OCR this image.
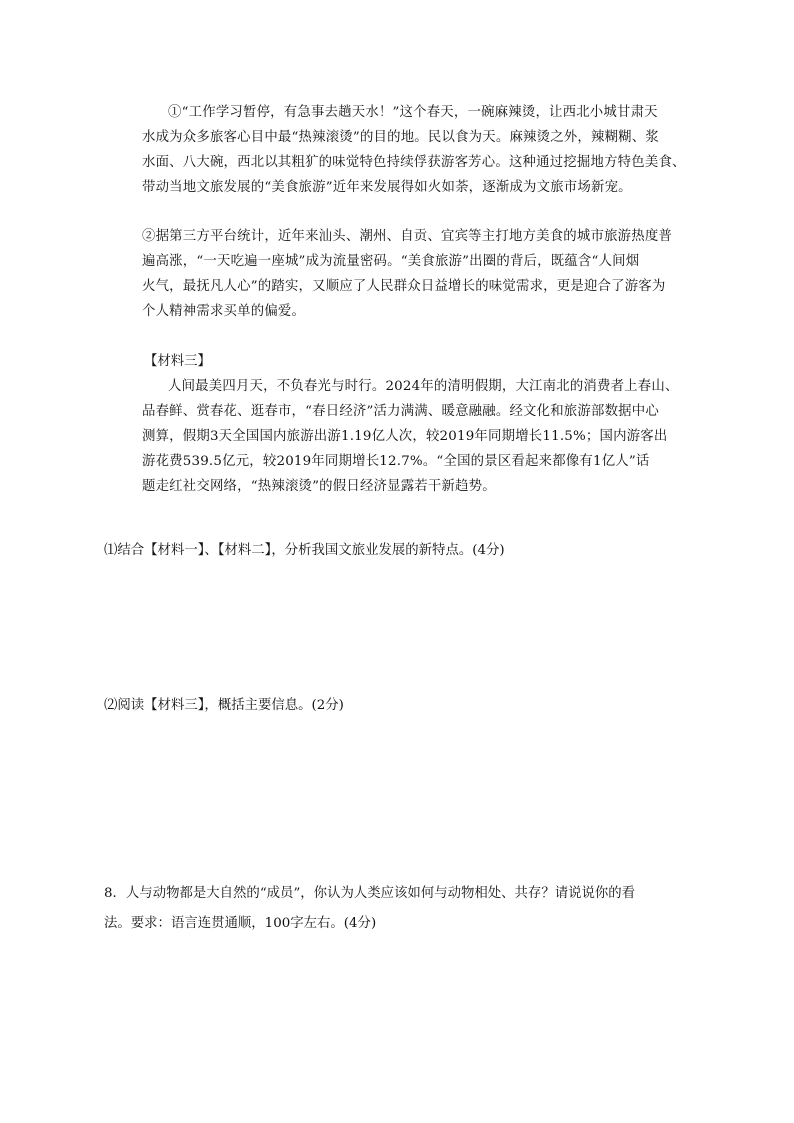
①“工作学习暂停，有急事去趟天水！”这个春天，一碗麻辣烫，让西北小城甘肃天
水成为众多旅客心目中最“热辣滚烫”的目的地。民以食为天。麻辣烫之外，辣糊糊、浆
水面、八大碗，西北以其粗犷的味觉特色持续俘获游客芳心。这种通过挖掘地方特色美食、
带动当地文旅发展的“美食旅游”近年来发展得如火如荼，逐渐成为文旅市场新宠。
②据第三方平台统计，近年来汕头、潮州、自贡、宜宾等主打地方美食的城市旅游热度普
遍高涨，“一天吃遍一座城”成为流量密码。“美食旅游”出圈的背后，既蕴含“人间烟
火气，最抚凡人心”的踏实，又顺应了人民群众日益增长的味觉需求，更是迎合了游客为
个人精神需求买单的偏爱。
【材料三】
人间最美四月天，不负春光与时行。2024年的清明假期，大江南北的消费者上春山、
品春鲜、赏春花、逛春市，“春日经济”活力满满、暖意融融。经文化和旅游部数据中心
测算，假期3天全国国内旅游出游1.19亿人次，较2019年同期增长11.5%；国内游客出
游花费539.5亿元，较2019年同期增长12.7%。“全国的景区看起来都像有1亿人”话
题走红社交网络，“热辣滚烫”的假日经济显露若干新趋势。
⑴结合【材料一】、【材料二】，分析我国文旅业发展的新特点。(4分)
⑵阅读【材料三】，概括主要信息。(2分)
8．人与动物都是大自然的“成员”，你认为人类应该如何与动物相处、共存？请说说你的看
法。要求：语言连贯通顺，100字左右。(4分)
